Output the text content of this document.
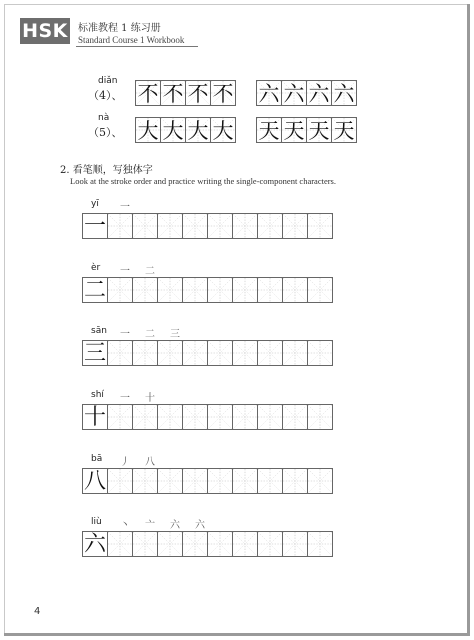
HSK 标准教程 1 练习册
Standard Course 1 Workbook
diǎn
（4）、 不 不 不 不 六 六 六 六
nà
（5）、 大 大 大 大 天 天 天 天
2. 看笔顺，写独体字
Look at the stroke order and practice writing the single-component characters.
yī 一
一
èr 一 二
二
sān 一 二 三
三
shí 一 十
十
bā 丿 八
八
liù 丶 亠 六 六
六
4
